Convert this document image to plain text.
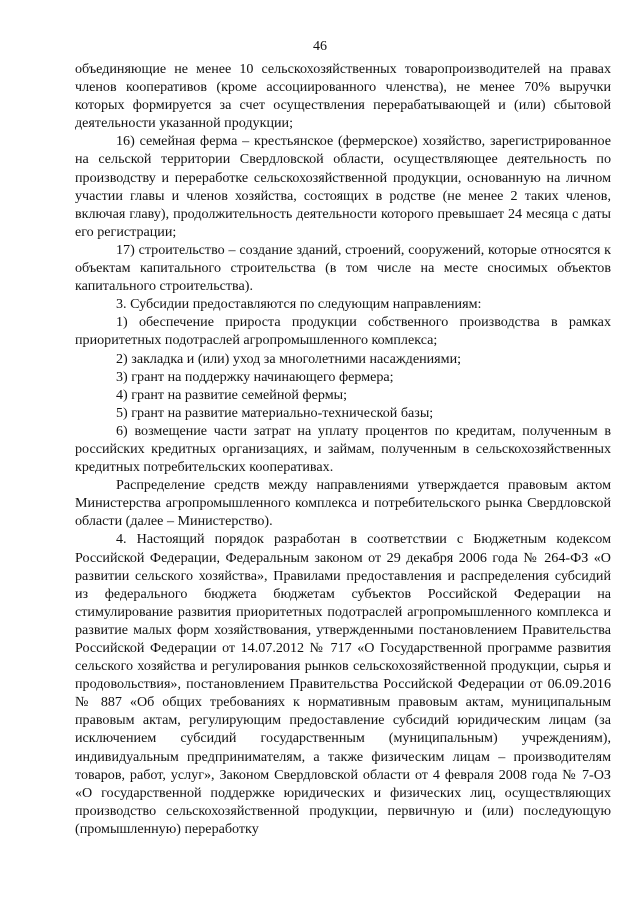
46

объединяющие не менее 10 сельскохозяйственных товаропроизводителей на правах членов кооперативов (кроме ассоциированного членства), не менее 70% выручки которых формируется за счет осуществления перерабатывающей и (или) сбытовой деятельности указанной продукции;

16) семейная ферма – крестьянское (фермерское) хозяйство, зарегистрированное на сельской территории Свердловской области, осуществляющее деятельность по производству и переработке сельскохозяйственной продукции, основанную на личном участии главы и членов хозяйства, состоящих в родстве (не менее 2 таких членов, включая главу), продолжительность деятельности которого превышает 24 месяца с даты его регистрации;

17) строительство – создание зданий, строений, сооружений, которые относятся к объектам капитального строительства (в том числе на месте сносимых объектов капитального строительства).

3. Субсидии предоставляются по следующим направлениям:

1) обеспечение прироста продукции собственного производства в рамках приоритетных подотраслей агропромышленного комплекса;

2) закладка и (или) уход за многолетними насаждениями;

3) грант на поддержку начинающего фермера;

4) грант на развитие семейной фермы;

5) грант на развитие материально-технической базы;

6) возмещение части затрат на уплату процентов по кредитам, полученным в российских кредитных организациях, и займам, полученным в сельскохозяйственных кредитных потребительских кооперативах.

Распределение средств между направлениями утверждается правовым актом Министерства агропромышленного комплекса и потребительского рынка Свердловской области (далее – Министерство).

4. Настоящий порядок разработан в соответствии с Бюджетным кодексом Российской Федерации, Федеральным законом от 29 декабря 2006 года № 264-ФЗ «О развитии сельского хозяйства», Правилами предоставления и распределения субсидий из федерального бюджета бюджетам субъектов Российской Федерации на стимулирование развития приоритетных подотраслей агропромышленного комплекса и развитие малых форм хозяйствования, утвержденными постановлением Правительства Российской Федерации от 14.07.2012 № 717 «О Государственной программе развития сельского хозяйства и регулирования рынков сельскохозяйственной продукции, сырья и продовольствия», постановлением Правительства Российской Федерации от 06.09.2016 № 887 «Об общих требованиях к нормативным правовым актам, муниципальным правовым актам, регулирующим предоставление субсидий юридическим лицам (за исключением субсидий государственным (муниципальным) учреждениям), индивидуальным предпринимателям, а также физическим лицам – производителям товаров, работ, услуг», Законом Свердловской области от 4 февраля 2008 года № 7-ОЗ «О государственной поддержке юридических и физических лиц, осуществляющих производство сельскохозяйственной продукции, первичную и (или) последующую (промышленную) переработку
